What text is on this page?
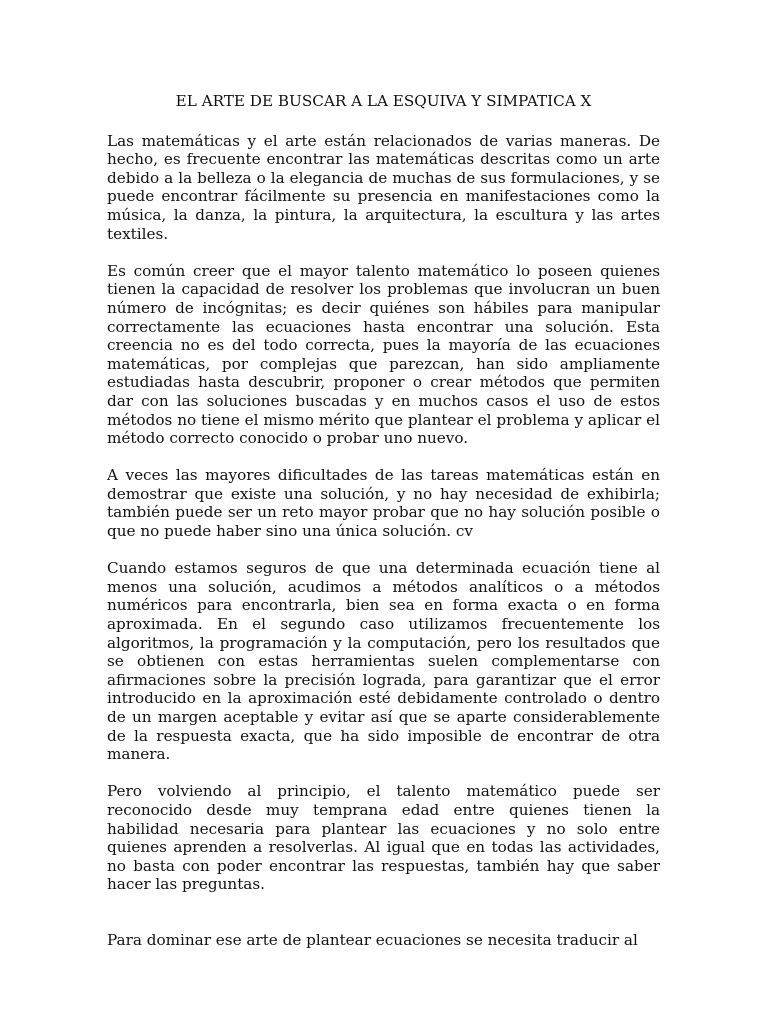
EL ARTE DE BUSCAR A LA ESQUIVA Y SIMPATICA X

Las matemáticas y el arte están relacionados de varias maneras. De hecho, es frecuente encontrar las matemáticas descritas como un arte debido a la belleza o la elegancia de muchas de sus formulaciones, y se puede encontrar fácilmente su presencia en manifestaciones como la música, la danza, la pintura, la arquitectura, la escultura y las artes textiles.

Es común creer que el mayor talento matemático lo poseen quienes tienen la capacidad de resolver los problemas que involucran un buen número de incógnitas; es decir quiénes son hábiles para manipular correctamente las ecuaciones hasta encontrar una solución. Esta creencia no es del todo correcta, pues la mayoría de las ecuaciones matemáticas, por complejas que parezcan, han sido ampliamente estudiadas hasta descubrir, proponer o crear métodos que permiten dar con las soluciones buscadas y en muchos casos el uso de estos métodos no tiene el mismo mérito que plantear el problema y aplicar el método correcto conocido o probar uno nuevo.

A veces las mayores dificultades de las tareas matemáticas están en demostrar que existe una solución, y no hay necesidad de exhibirla; también puede ser un reto mayor probar que no hay solución posible o que no puede haber sino una única solución. cv

Cuando estamos seguros de que una determinada ecuación tiene al menos una solución, acudimos a métodos analíticos o a métodos numéricos para encontrarla, bien sea en forma exacta o en forma aproximada. En el segundo caso utilizamos frecuentemente los algoritmos, la programación y la computación, pero los resultados que se obtienen con estas herramientas suelen complementarse con afirmaciones sobre la precisión lograda, para garantizar que el error introducido en la aproximación esté debidamente controlado o dentro de un margen aceptable y evitar así que se aparte considerablemente de la respuesta exacta, que ha sido imposible de encontrar de otra manera.

Pero volviendo al principio, el talento matemático puede ser reconocido desde muy temprana edad entre quienes tienen la habilidad necesaria para plantear las ecuaciones y no solo entre quienes aprenden a resolverlas. Al igual que en todas las actividades, no basta con poder encontrar las respuestas, también hay que saber hacer las preguntas.

Para dominar ese arte de plantear ecuaciones se necesita traducir al
